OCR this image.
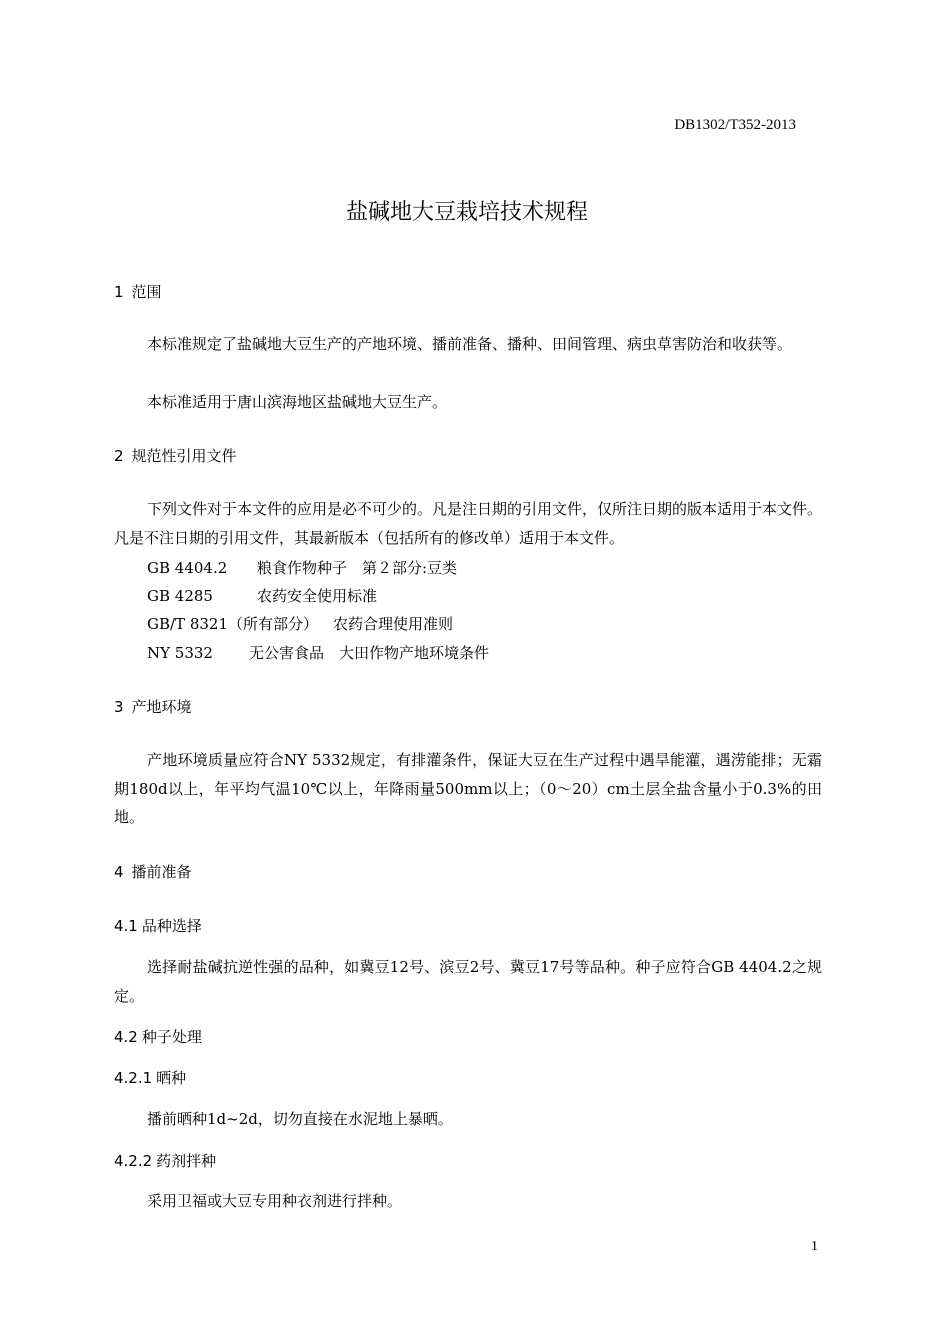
DB1302/T352-2013
盐碱地大豆栽培技术规程
1 范围

本标准规定了盐碱地大豆生产的产地环境、播前准备、播种、田间管理、病虫草害防治和收获等。

本标准适用于唐山滨海地区盐碱地大豆生产。
2 规范性引用文件

下列文件对于本文件的应用是必不可少的。凡是注日期的引用文件，仅所注日期的版本适用于本文件。凡是不注日期的引用文件，其最新版本（包括所有的修改单）适用于本文件。

GB 4404.2 粮食作物种子　第２部分:豆类
GB 4285	农药安全使用标准
GB/T 8321（所有部分） 农药合理使用准则
NY 5332 无公害食品　大田作物产地环境条件
3 产地环境

产地环境质量应符合NY 5332规定，有排灌条件，保证大豆在生产过程中遇旱能灌，遇涝能排；无霜期180d以上，年平均气温10℃以上，年降雨量500mm以上；（0～20）cm土层全盐含量小于0.3%的田地。

4 播前准备
4.1 品种选择

选择耐盐碱抗逆性强的品种，如冀豆12号、滨豆2号、冀豆17号等品种。种子应符合GB 4404.2之规定。

4.2 种子处理
4.2.1 晒种
播前晒种1d~2d，切勿直接在水泥地上暴晒。
4.2.2 药剂拌种
采用卫福或大豆专用种衣剂进行拌种。
1
